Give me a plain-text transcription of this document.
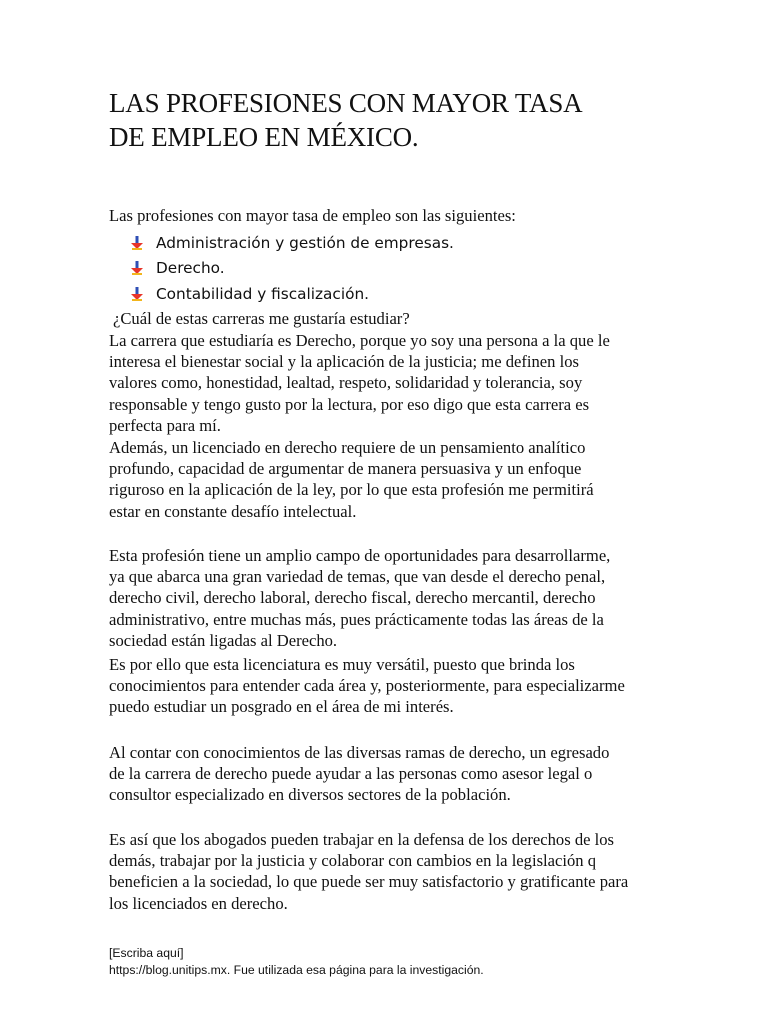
LAS PROFESIONES CON MAYOR TASA
DE EMPLEO EN MÉXICO.

Las profesiones con mayor tasa de empleo son las siguientes:

Administración y gestión de empresas.
Derecho.
Contabilidad y fiscalización.

¿Cuál de estas carreras me gustaría estudiar?

La carrera que estudiaría es Derecho, porque yo soy una persona a la que le interesa el bienestar social y la aplicación de la justicia; me definen los valores como, honestidad, lealtad, respeto, solidaridad y tolerancia, soy responsable y tengo gusto por la lectura, por eso digo que esta carrera es perfecta para mí.

Además, un licenciado en derecho requiere de un pensamiento analítico profundo, capacidad de argumentar de manera persuasiva y un enfoque riguroso en la aplicación de la ley, por lo que esta profesión me permitirá estar en constante desafío intelectual.

Esta profesión tiene un amplio campo de oportunidades para desarrollarme, ya que abarca una gran variedad de temas, que van desde el derecho penal, derecho civil, derecho laboral, derecho fiscal, derecho mercantil, derecho administrativo, entre muchas más, pues prácticamente todas las áreas de la sociedad están ligadas al Derecho.

Es por ello que esta licenciatura es muy versátil, puesto que brinda los conocimientos para entender cada área y, posteriormente, para especializarme puedo estudiar un posgrado en el área de mi interés.

Al contar con conocimientos de las diversas ramas de derecho, un egresado de la carrera de derecho puede ayudar a las personas como asesor legal o consultor especializado en diversos sectores de la población.

Es así que los abogados pueden trabajar en la defensa de los derechos de los demás, trabajar por la justicia y colaborar con cambios en la legislación q beneficien a la sociedad, lo que puede ser muy satisfactorio y gratificante para los licenciados en derecho.

[Escriba aquí]
https://blog.unitips.mx. Fue utilizada esa página para la investigación.
